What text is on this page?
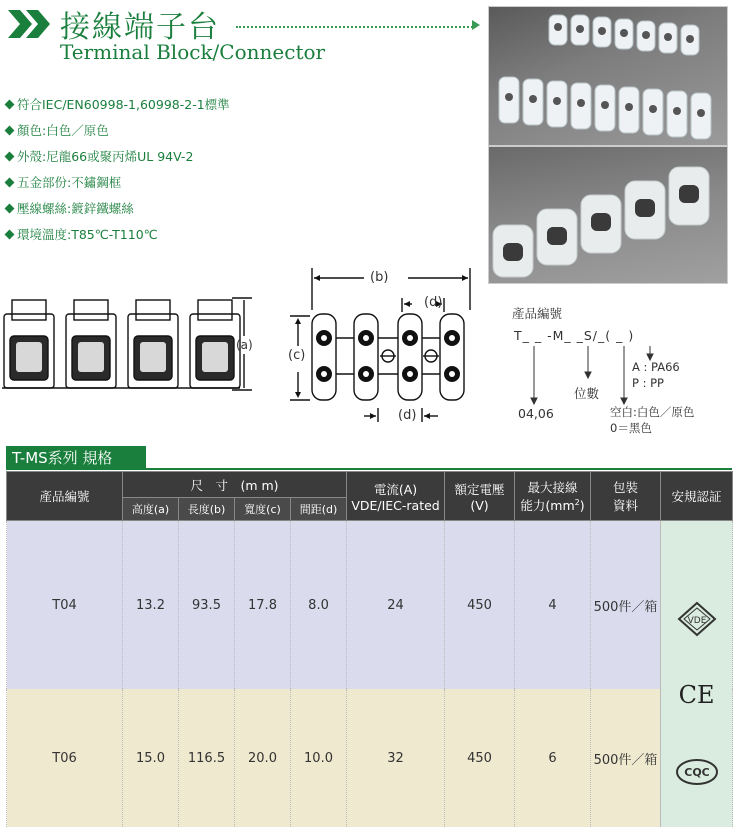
接線端子台
Terminal Block/Connector
符合IEC/EN60998-1,60998-2-1標準
顏色:白色／原色
外殼:尼龍66或聚丙烯UL 94V-2
五金部份:不鏽鋼框
壓線螺絲:鍍鋅鐵螺絲
環境溫度:T85℃-T110℃
(a)
(b)
(d)
(c)
(d)
產品編號
T_ _ -M_ _S/_( _ )
04,06
位數
A : PA66
P : PP
空白:白色／原色
0＝黑色
T-MS系列 規格
產品編號	尺　寸　(m m)				電流(A)
VDE/IEC-rated	額定電壓
(V)	最大接線
能力$(mm^2)$	包裝
資料	安規認証
	高度(a)	長度(b)	寬度(c)	間距(d)					
T04	13.2	93.5	17.8	8.0	24	450	4	500件／箱	VDE
CE
CQC

T06	15.0	116.5	20.0	10.0	32	450	6	500件／箱	
